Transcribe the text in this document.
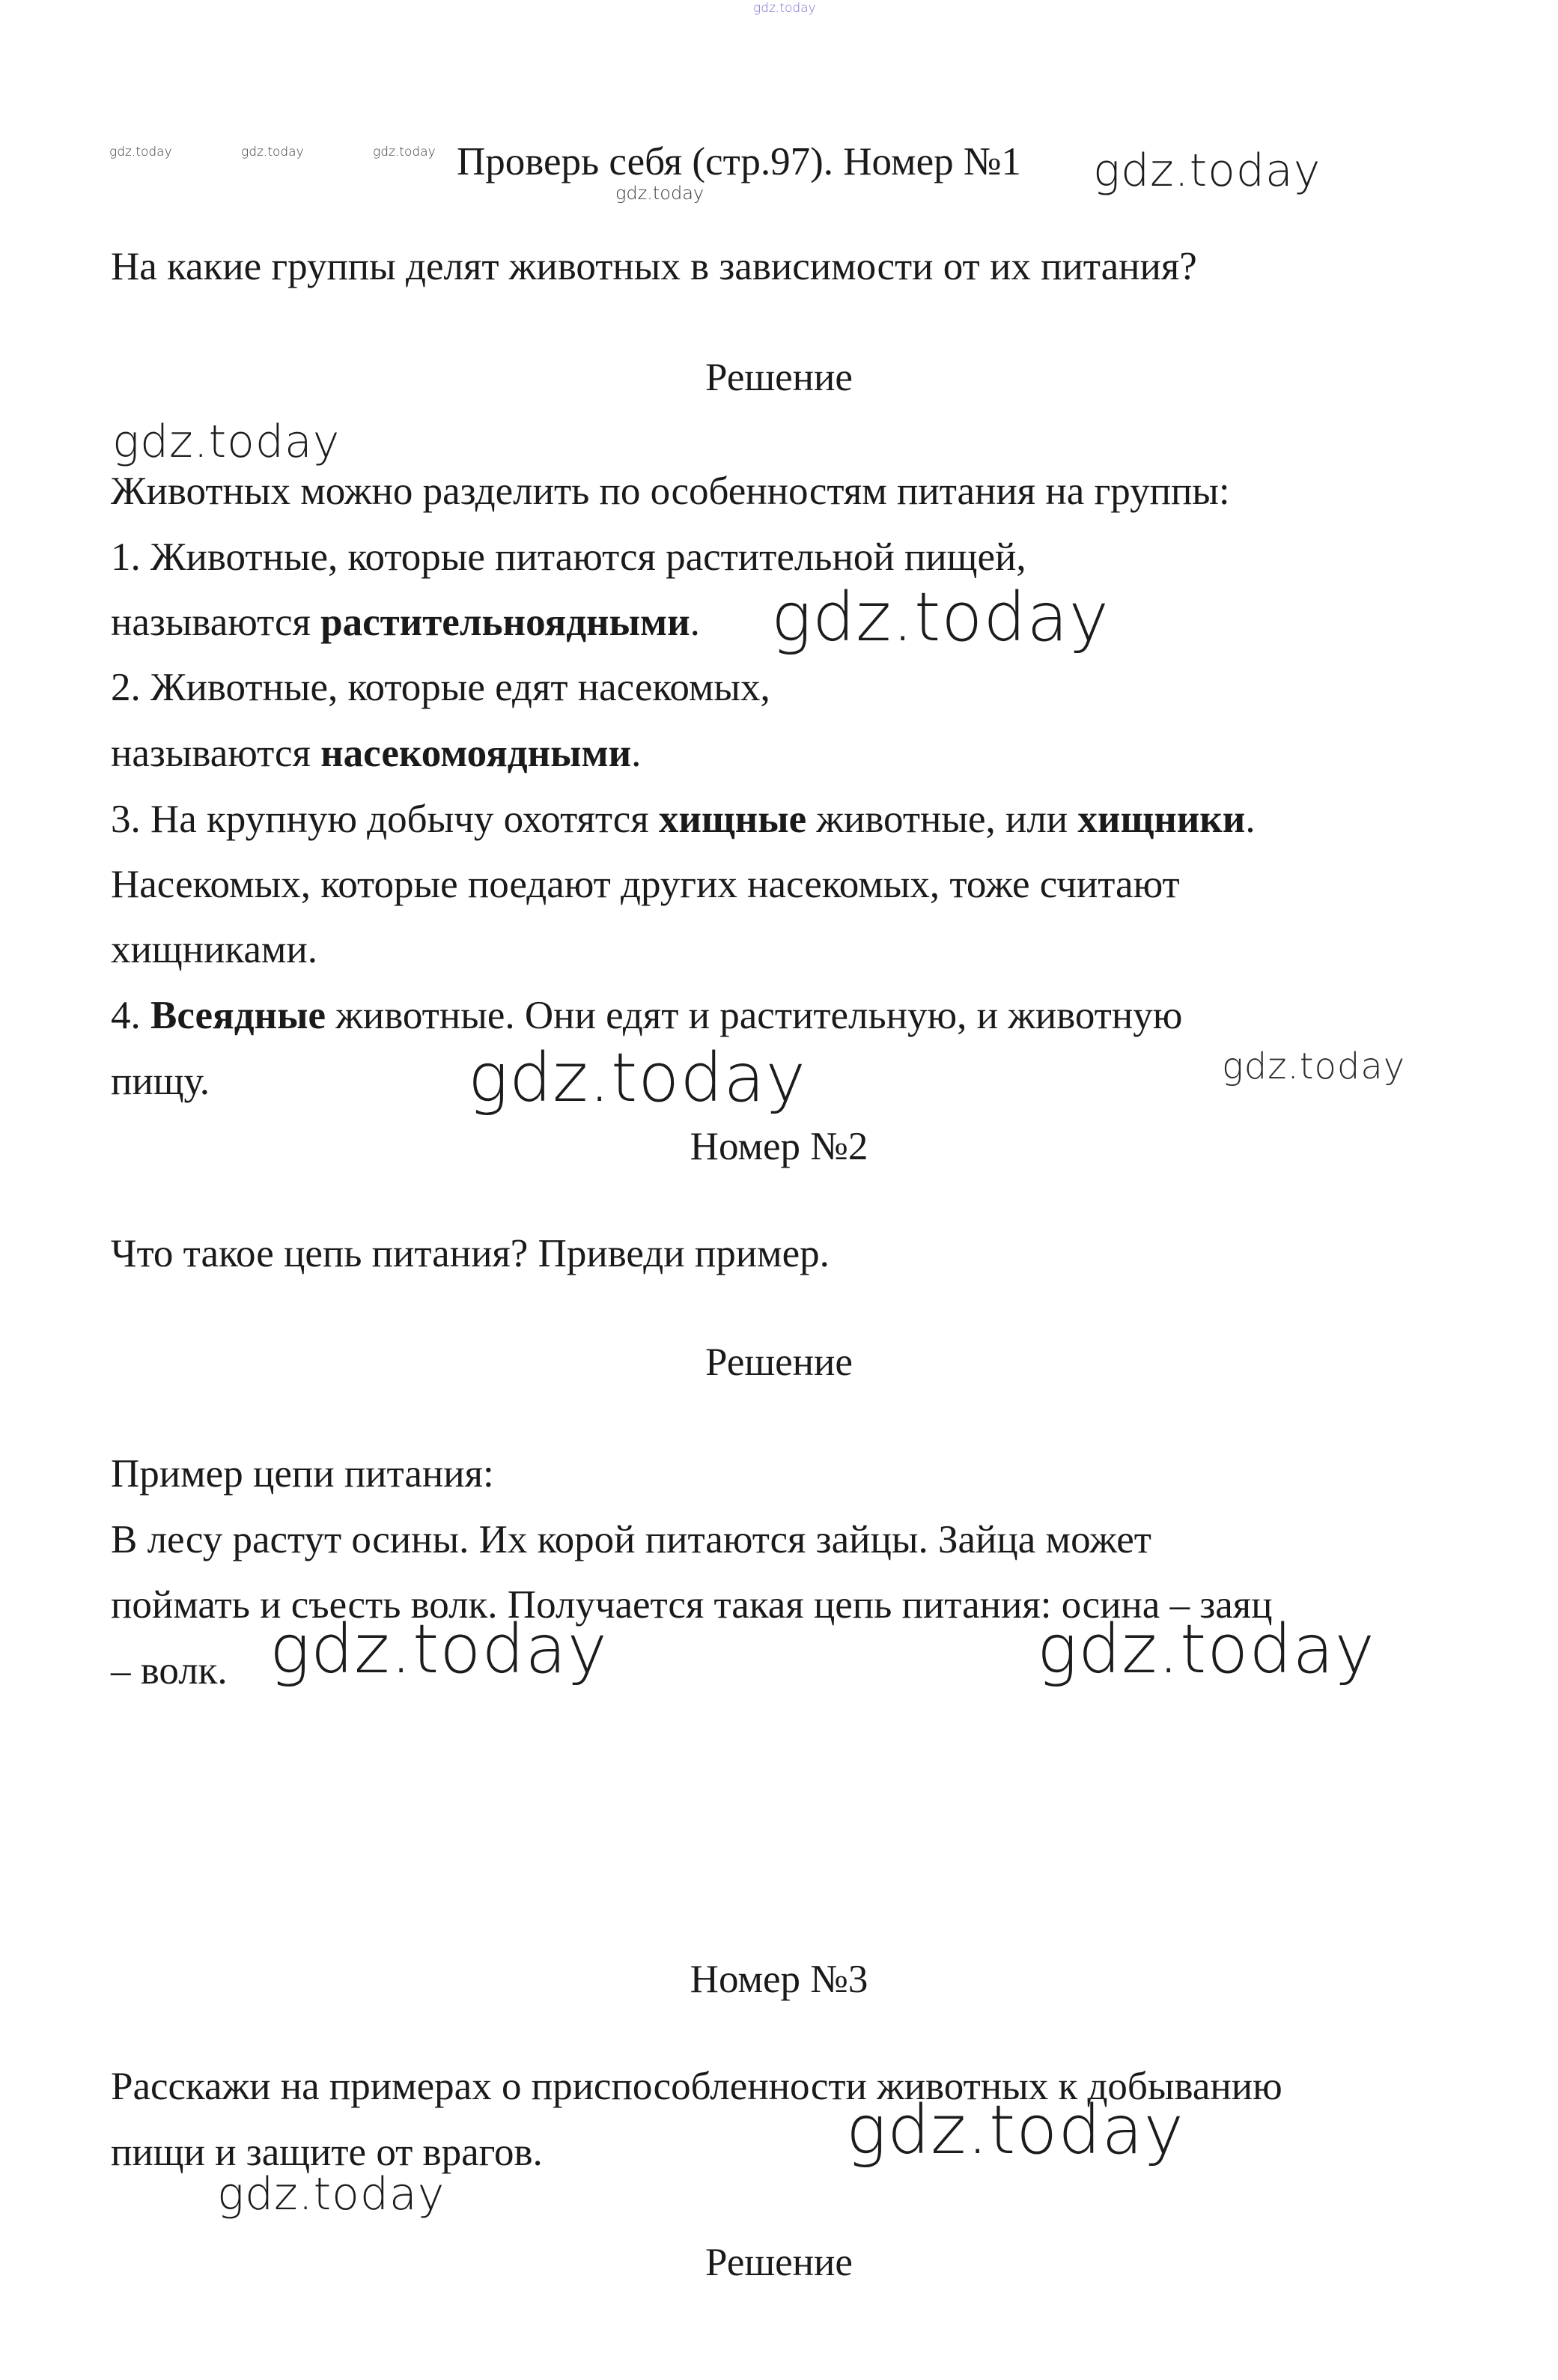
gdz.today
gdz.today	gdz.today	gdz.today
gdz.today	gdz.today
gdz.today
gdz.today
gdz.today	gdz.today
gdz.today	gdz.today
gdz.today
gdz.today
Проверь себя (стр.97). Номер №1
На какие группы делят животных в зависимости от их питания?
Решение
Животных можно разделить по особенностям питания на группы:
1. Животные, которые питаются растительной пищей,
называются растительноядными.
2. Животные, которые едят насекомых,
называются насекомоядными.
3. На крупную добычу охотятся хищные животные, или хищники.
Насекомых, которые поедают других насекомых, тоже считают
хищниками.
4. Всеядные животные. Они едят и растительную, и животную
пищу.
Номер №2
Что такое цепь питания? Приведи пример.
Решение
Пример цепи питания:
В лесу растут осины. Их корой питаются зайцы. Зайца может
поймать и съесть волк. Получается такая цепь питания: осина – заяц
– волк.
Номер №3
Расскажи на примерах о приспособленности животных к добыванию
пищи и защите от врагов.
Решение
